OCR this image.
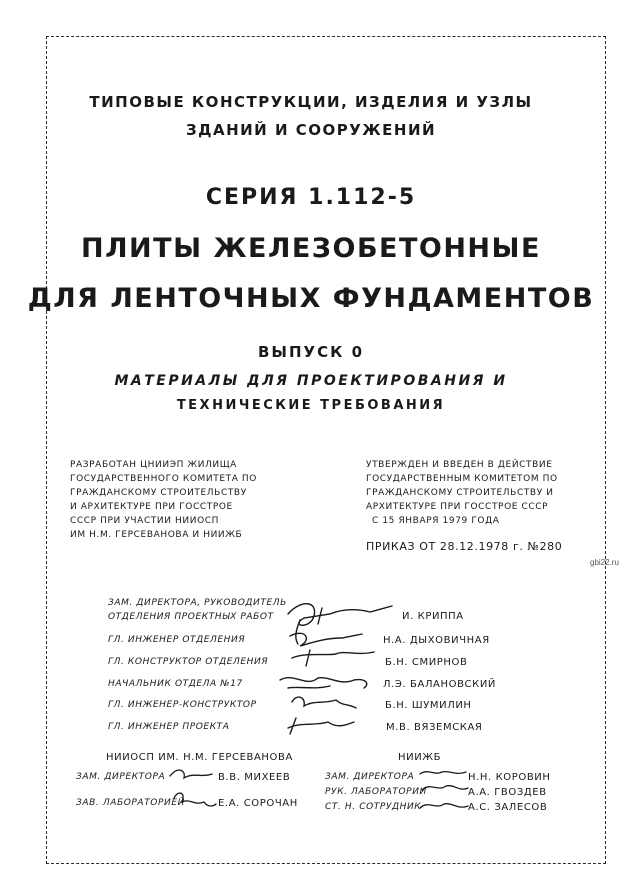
ТИПОВЫЕ КОНСТРУКЦИИ, ИЗДЕЛИЯ И УЗЛЫ
ЗДАНИЙ И СООРУЖЕНИЙ
СЕРИЯ 1.112-5
ПЛИТЫ ЖЕЛЕЗОБЕТОННЫЕ
ДЛЯ ЛЕНТОЧНЫХ ФУНДАМЕНТОВ
ВЫПУСК 0
МАТЕРИАЛЫ ДЛЯ ПРОЕКТИРОВАНИЯ И
ТЕХНИЧЕСКИЕ ТРЕБОВАНИЯ
РАЗРАБОТАН ЦНИИЭП ЖИЛИЩА
ГОСУДАРСТВЕННОГО КОМИТЕТА ПО
ГРАЖДАНСКОМУ СТРОИТЕЛЬСТВУ
И АРХИТЕКТУРЕ ПРИ ГОССТРОЕ
СССР ПРИ УЧАСТИИ НИИОСП
ИМ Н.М. ГЕРСЕВАНОВА И НИИЖБ
УТВЕРЖДЕН И ВВЕДЕН В ДЕЙСТВИЕ
ГОСУДАРСТВЕННЫМ КОМИТЕТОМ ПО
ГРАЖДАНСКОМУ СТРОИТЕЛЬСТВУ И
АРХИТЕКТУРЕ ПРИ ГОССТРОЕ СССР
С 15 ЯНВАРЯ 1979 ГОДА
ПРИКАЗ ОТ 28.12.1978 г. №280
gbi22.ru
ЗАМ. ДИРЕКТОРА, РУКОВОДИТЕЛЬ
ОТДЕЛЕНИЯ ПРОЕКТНЫХ РАБОТ	И. КРИППА
ГЛ. ИНЖЕНЕР ОТДЕЛЕНИЯ	Н.А. ДЫХОВИЧНАЯ
ГЛ. КОНСТРУКТОР ОТДЕЛЕНИЯ	Б.Н. СМИРНОВ
НАЧАЛЬНИК ОТДЕЛА №17	Л.Э. БАЛАНОВСКИЙ
ГЛ. ИНЖЕНЕР-КОНСТРУКТОР	Б.Н. ШУМИЛИН
ГЛ. ИНЖЕНЕР ПРОЕКТА	М.В. ВЯЗЕМСКАЯ
НИИОСП ИМ. Н.М. ГЕРСЕВАНОВА
ЗАМ. ДИРЕКТОРА	В.В. МИХЕЕВ
ЗАВ. ЛАБОРАТОРИЕЙ	Е.А. СОРОЧАН
НИИЖБ
ЗАМ. ДИРЕКТОРА	Н.Н. КОРОВИН
РУК. ЛАБОРАТОРИИ	А.А. ГВОЗДЕВ
СТ. Н. СОТРУДНИК	А.С. ЗАЛЕСОВ
